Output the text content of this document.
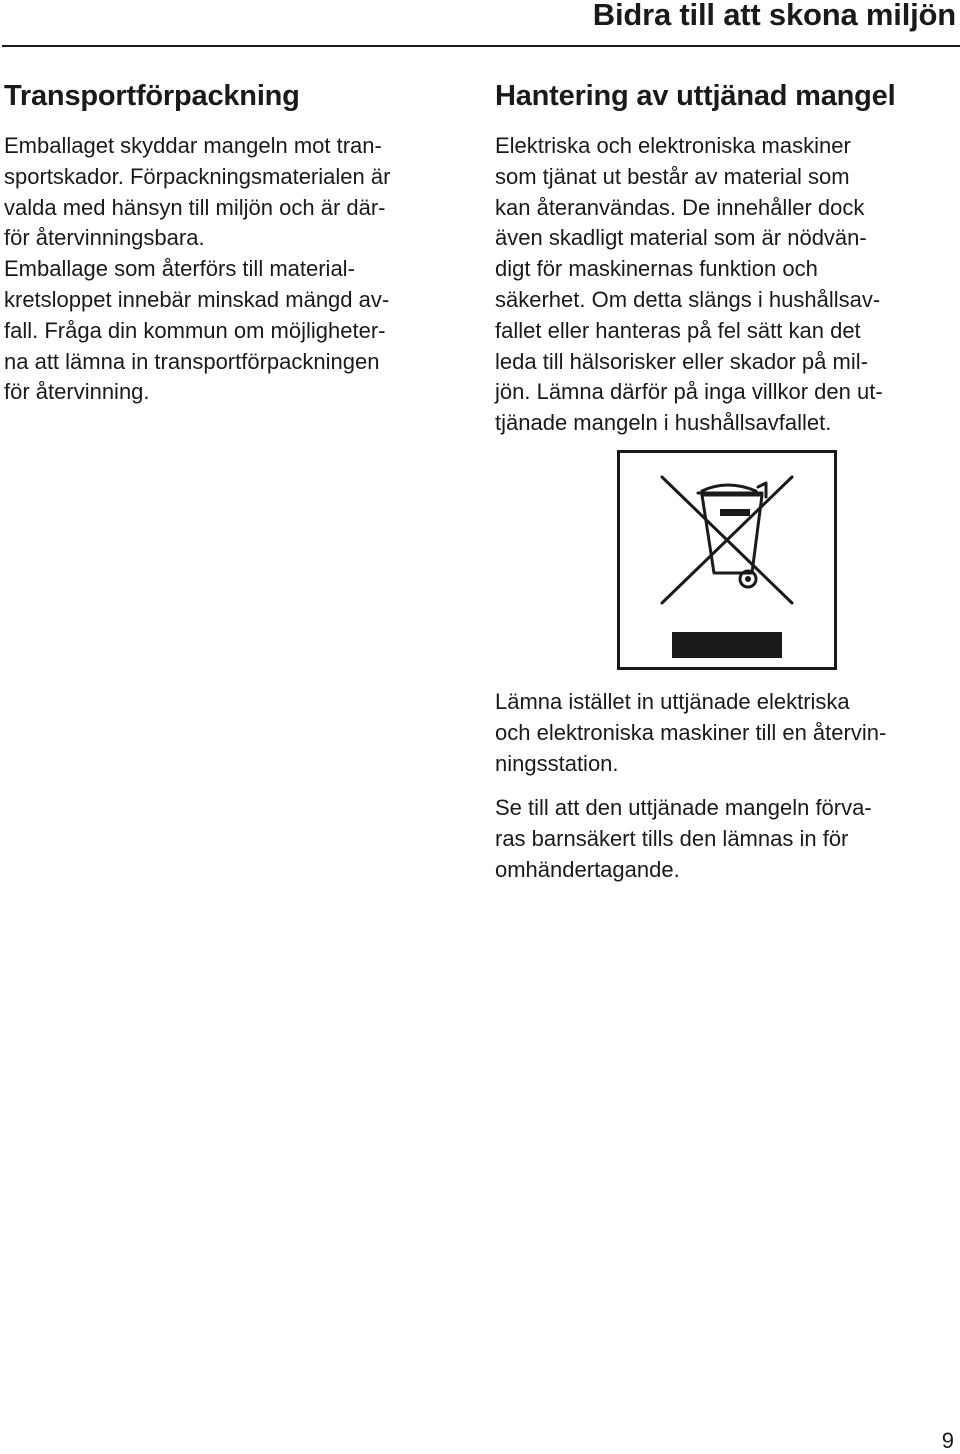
Bidra till att skona miljön
Transportförpackning

Emballaget skyddar mangeln mot tran-
sportskador. Förpackningsmaterialen är
valda med hänsyn till miljön och är där-
för återvinningsbara.
Emballage som återförs till material-
kretsloppet innebär minskad mängd av-
fall. Fråga din kommun om möjligheter-
na att lämna in transportförpackningen
för återvinning.

Hantering av uttjänad mangel

Elektriska och elektroniska maskiner
som tjänat ut består av material som
kan återanvändas. De innehåller dock
även skadligt material som är nödvän-
digt för maskinernas funktion och
säkerhet. Om detta slängs i hushållsav-
fallet eller hanteras på fel sätt kan det
leda till hälsorisker eller skador på mil-
jön. Lämna därför på inga villkor den ut-
tjänade mangeln i hushållsavfallet.

Lämna istället in uttjänade elektriska
och elektroniska maskiner till en återvin-
ningsstation.

Se till att den uttjänade mangeln förva-
ras barnsäkert tills den lämnas in för
omhändertagande.

9
